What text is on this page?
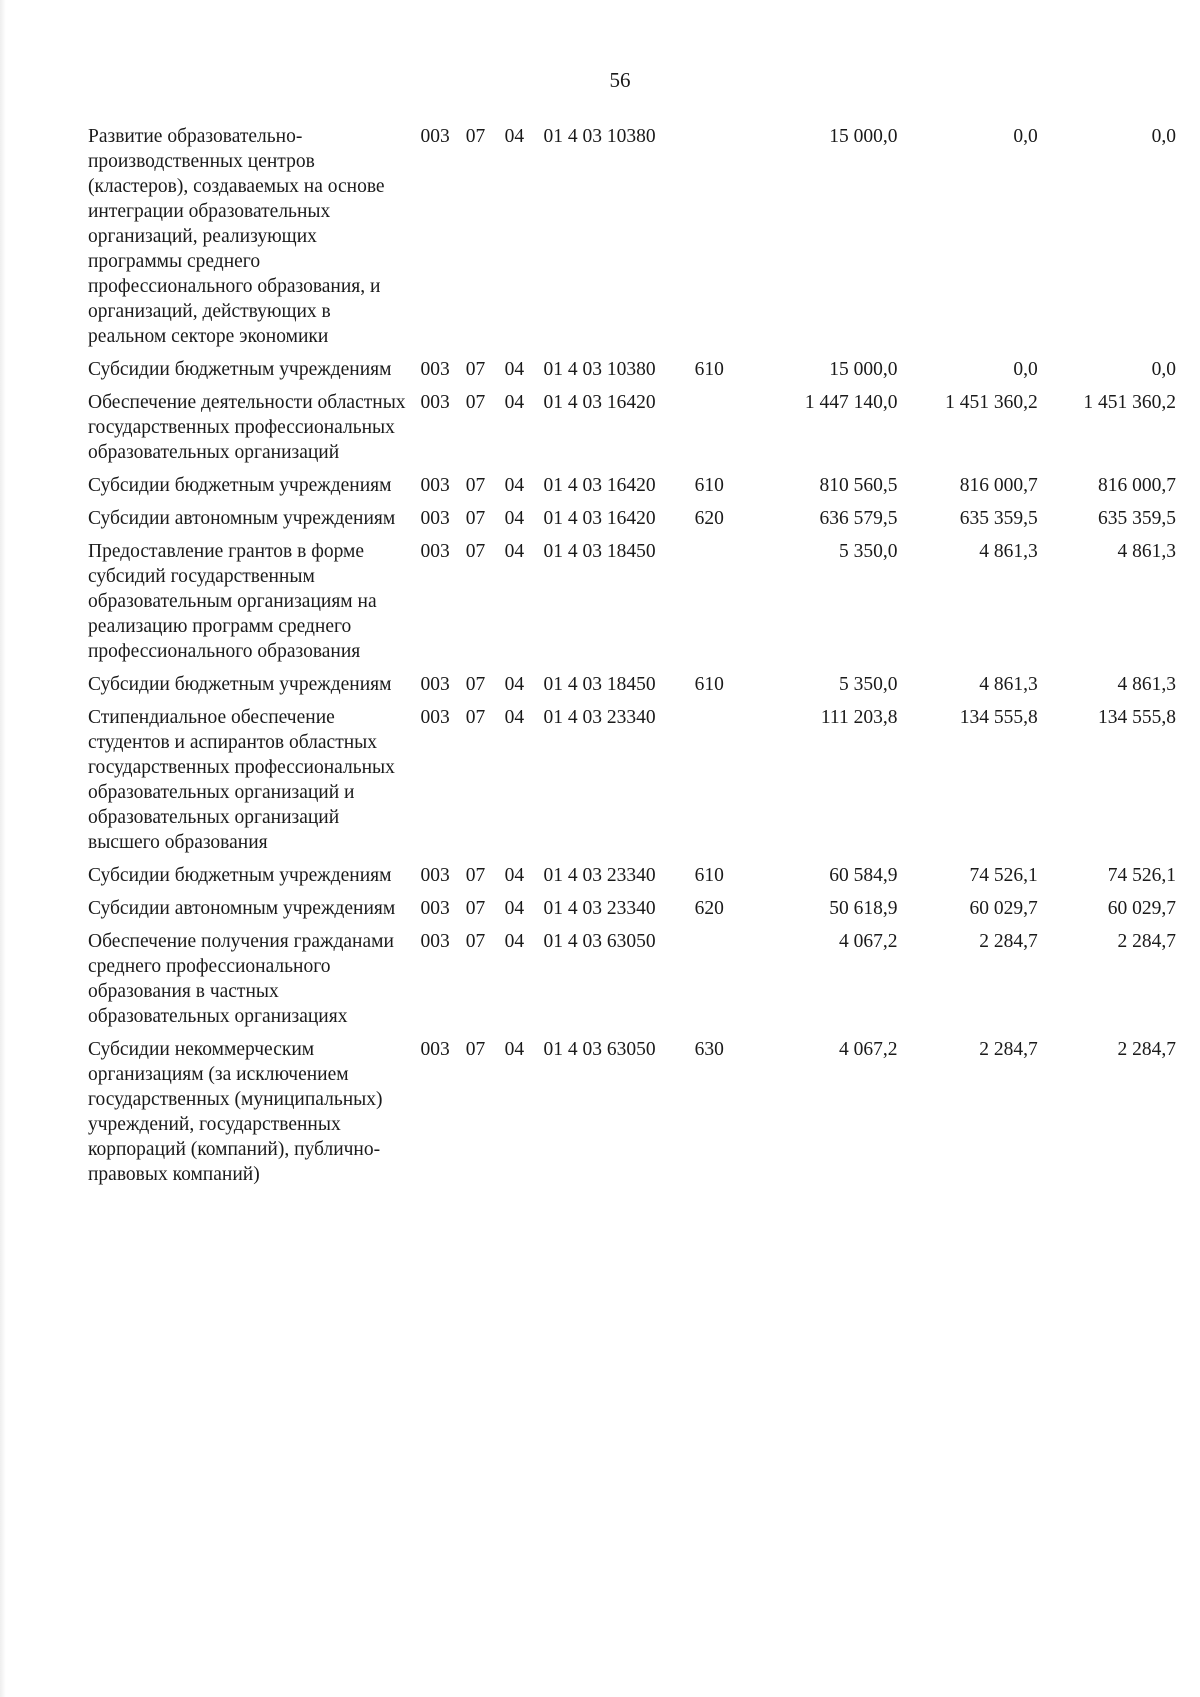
56
Развитие образовательно-производственных центров (кластеров), создаваемых на основе интеграции образовательных организаций, реализующих программы среднего профессионального образования, и организаций, действующих в реальном секторе экономики	003	07	04	01 4 03 10380		15 000,0	0,0	0,0
Субсидии бюджетным учреждениям	003	07	04	01 4 03 10380	610	15 000,0	0,0	0,0
Обеспечение деятельности областных государственных профессиональных образовательных организаций	003	07	04	01 4 03 16420		1 447 140,0	1 451 360,2	1 451 360,2
Субсидии бюджетным учреждениям	003	07	04	01 4 03 16420	610	810 560,5	816 000,7	816 000,7
Субсидии автономным учреждениям	003	07	04	01 4 03 16420	620	636 579,5	635 359,5	635 359,5
Предоставление грантов в форме субсидий государственным образовательным организациям на реализацию программ среднего профессионального образования	003	07	04	01 4 03 18450		5 350,0	4 861,3	4 861,3
Субсидии бюджетным учреждениям	003	07	04	01 4 03 18450	610	5 350,0	4 861,3	4 861,3
Стипендиальное обеспечение студентов и аспирантов областных государственных профессиональных образовательных организаций и образовательных организаций высшего образования	003	07	04	01 4 03 23340		111 203,8	134 555,8	134 555,8
Субсидии бюджетным учреждениям	003	07	04	01 4 03 23340	610	60 584,9	74 526,1	74 526,1
Субсидии автономным учреждениям	003	07	04	01 4 03 23340	620	50 618,9	60 029,7	60 029,7
Обеспечение получения гражданами среднего профессионального образования в частных образовательных организациях	003	07	04	01 4 03 63050		4 067,2	2 284,7	2 284,7
Субсидии некоммерческим организациям (за исключением государственных (муниципальных) учреждений, государственных корпораций (компаний), публично-правовых компаний)	003	07	04	01 4 03 63050	630	4 067,2	2 284,7	2 284,7
